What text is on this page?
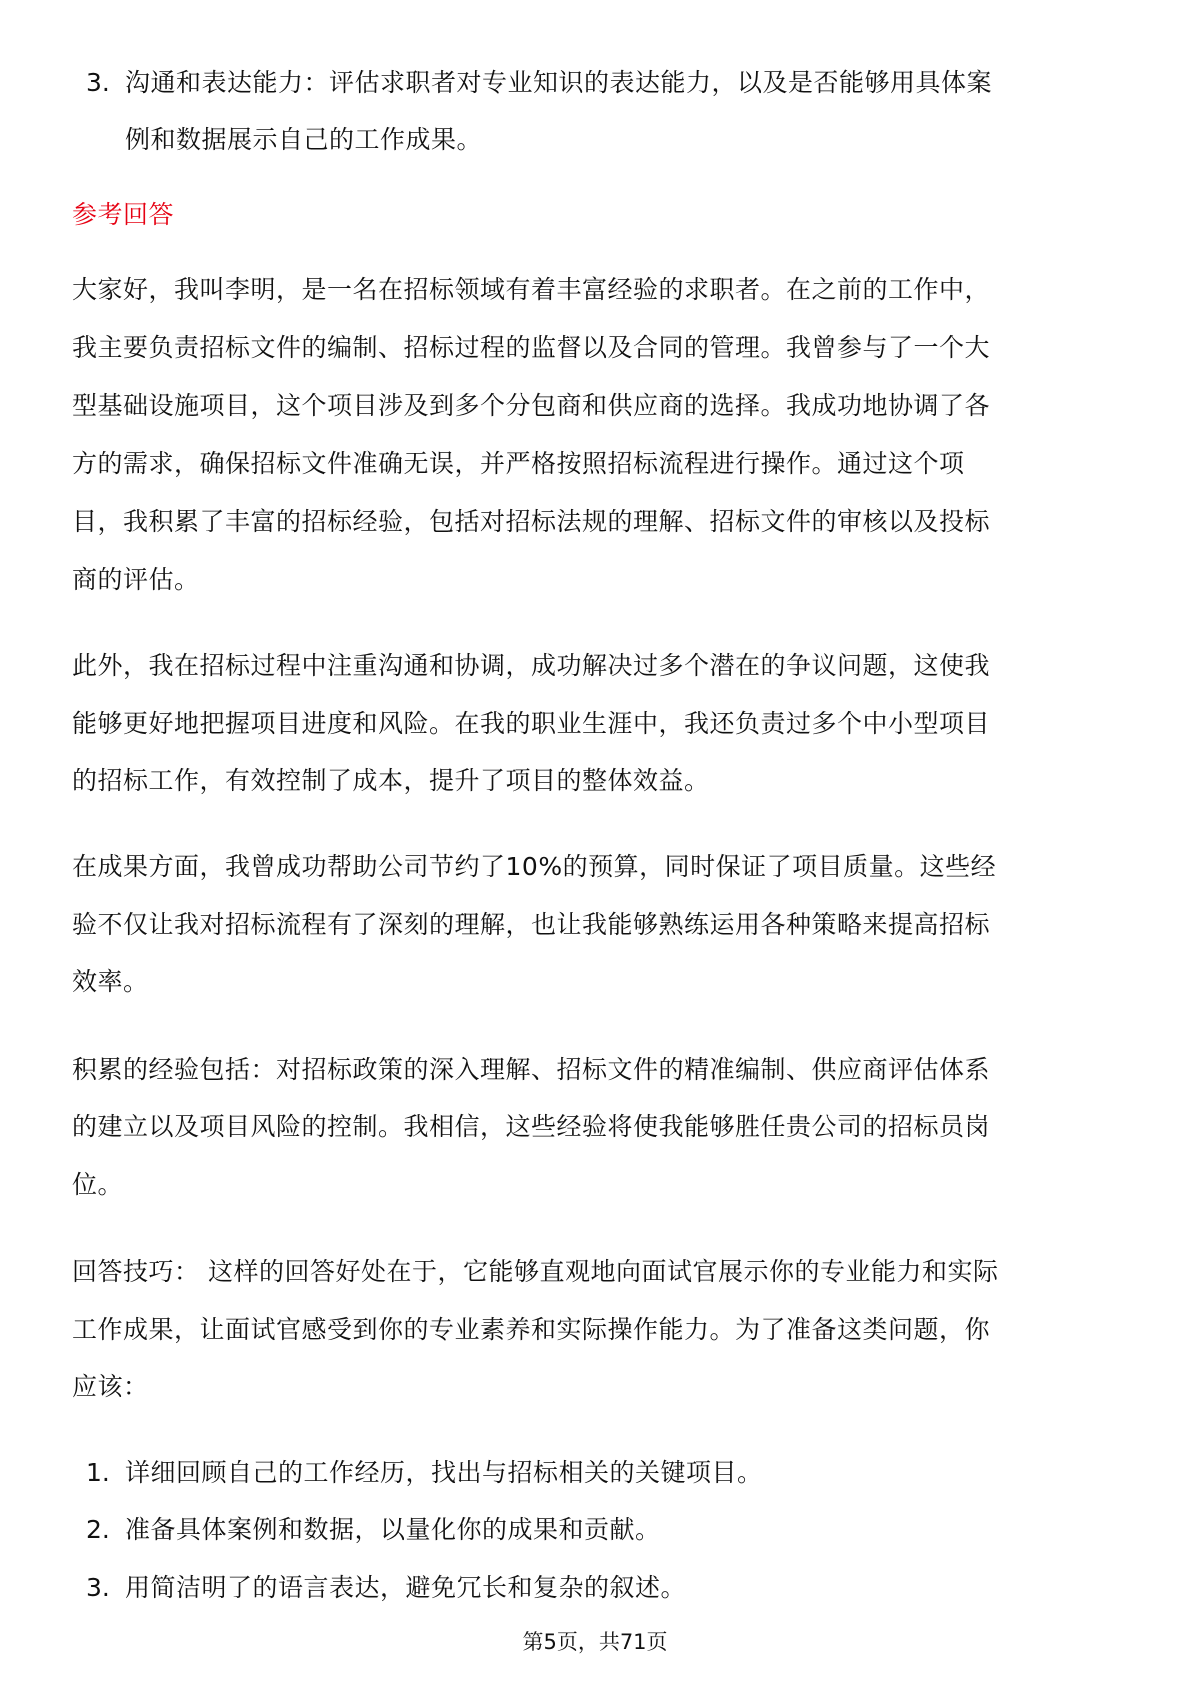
3. 沟通和表达能力：评估求职者对专业知识的表达能力，以及是否能够用具体案
例和数据展示自己的工作成果。
参考回答
大家好，我叫李明，是一名在招标领域有着丰富经验的求职者。在之前的工作中，
我主要负责招标文件的编制、招标过程的监督以及合同的管理。我曾参与了一个大
型基础设施项目，这个项目涉及到多个分包商和供应商的选择。我成功地协调了各
方的需求，确保招标文件准确无误，并严格按照招标流程进行操作。通过这个项
目，我积累了丰富的招标经验，包括对招标法规的理解、招标文件的审核以及投标
商的评估。
此外，我在招标过程中注重沟通和协调，成功解决过多个潜在的争议问题，这使我
能够更好地把握项目进度和风险。在我的职业生涯中，我还负责过多个中小型项目
的招标工作，有效控制了成本，提升了项目的整体效益。
在成果方面，我曾成功帮助公司节约了10%的预算，同时保证了项目质量。这些经
验不仅让我对招标流程有了深刻的理解，也让我能够熟练运用各种策略来提高招标
效率。
积累的经验包括：对招标政策的深入理解、招标文件的精准编制、供应商评估体系
的建立以及项目风险的控制。我相信，这些经验将使我能够胜任贵公司的招标员岗
位。
回答技巧： 这样的回答好处在于，它能够直观地向面试官展示你的专业能力和实际
工作成果，让面试官感受到你的专业素养和实际操作能力。为了准备这类问题，你
应该：
1. 详细回顾自己的工作经历，找出与招标相关的关键项目。
2. 准备具体案例和数据，以量化你的成果和贡献。
3. 用简洁明了的语言表达，避免冗长和复杂的叙述。
第5页，共71页
